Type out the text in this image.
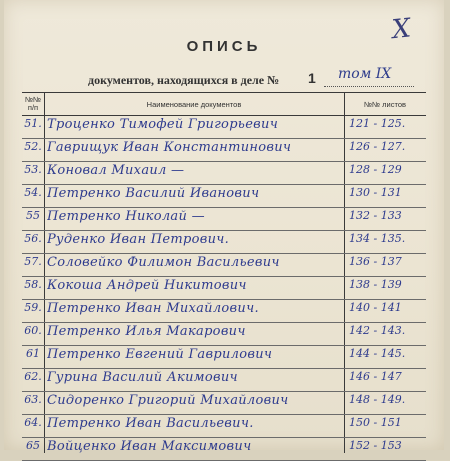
X
ОПИСЬ
документов, находящихся в деле № 1 том IX
№№ п/п	Наименование документов	№№ листов
51. Троценко Тимофей Григорьевич	121 - 125.
52. Гаврищук Иван Константинович	126 - 127.
53. Коновал Михаил —	128 - 129
54. Петренко Василий Иванович	130 - 131
55 Петренко Николай —	132 - 133
56. Руденко Иван Петрович.	134 - 135.
57. Соловейко Филимон Васильевич	136 - 137
58. Кокоша Андрей Никитович	138 - 139
59. Петренко Иван Михайлович.	140 - 141
60. Петренко Илья Макарович	142 - 143.
61 Петренко Евгений Гаврилович	144 - 145.
62. Гурина Василий Акимович	146 - 147
63. Сидоренко Григорий Михайлович	148 - 149.
64. Петренко Иван Васильевич.	150 - 151
65 Войценко Иван Максимович	152 - 153
